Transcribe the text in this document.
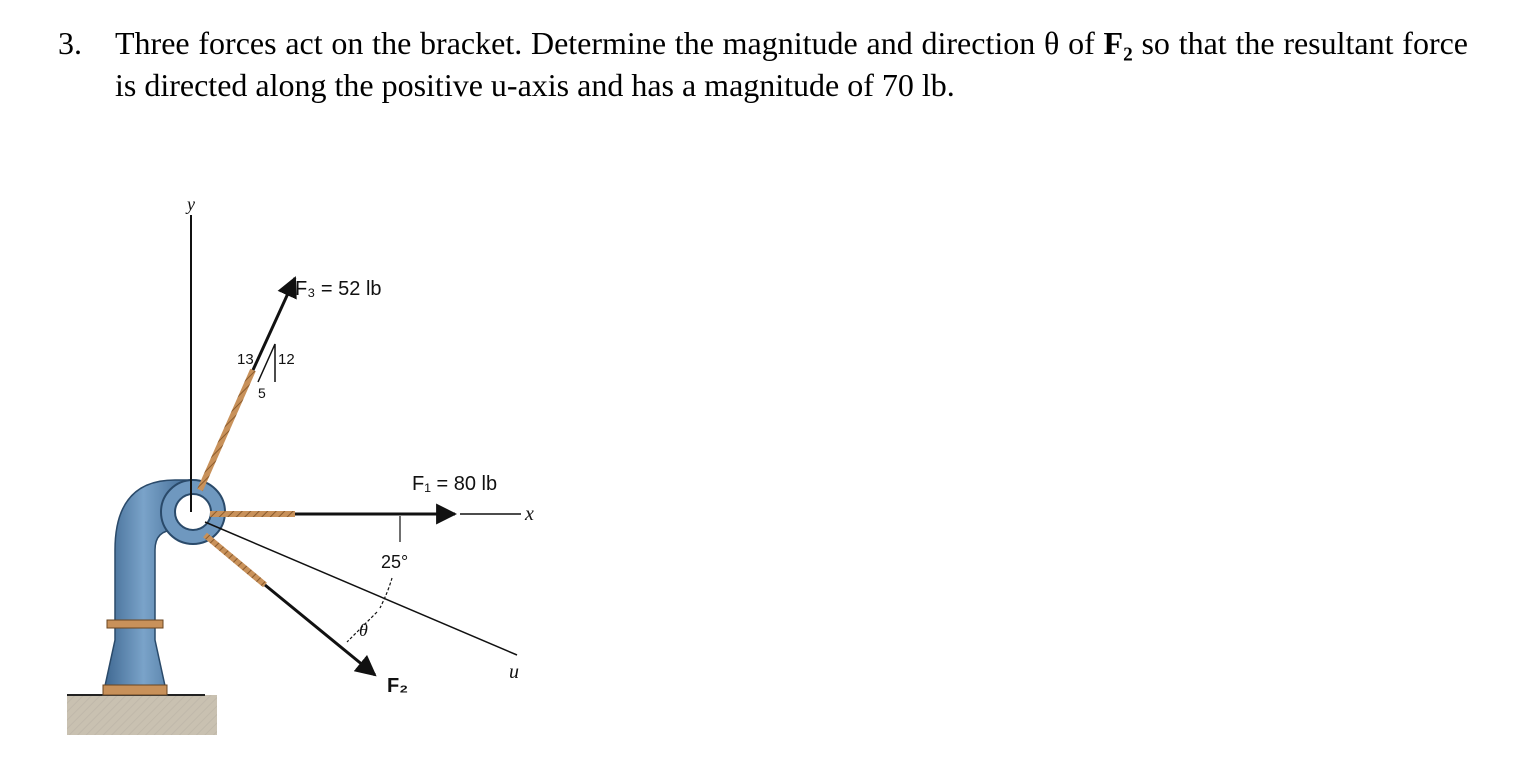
3. Three forces act on the bracket. Determine the magnitude and direction θ of F₂ so that the resultant force is directed along the positive u-axis and has a magnitude of 70 lb.
y
F₃ = 52 lb
13 12
5
x
F₁ = 80 lb
u
F₂
25°
θ
